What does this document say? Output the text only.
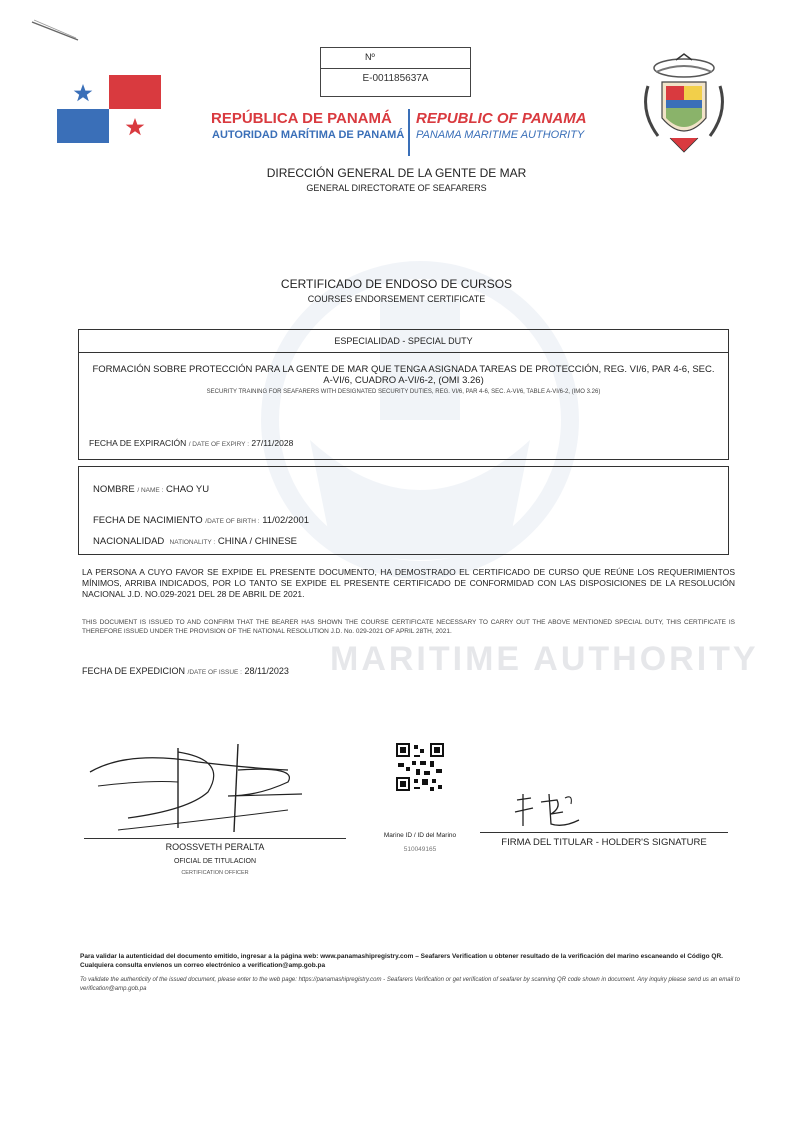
MARITIME AUTHORITY
Nº
E-001185637A
REPÚBLICA DE PANAMÁ
AUTORIDAD MARÍTIMA DE PANAMÁ
REPUBLIC OF PANAMA
PANAMA MARITIME AUTHORITY
DIRECCIÓN GENERAL DE LA GENTE DE MAR
GENERAL DIRECTORATE OF SEAFARERS
CERTIFICADO DE ENDOSO DE CURSOS
COURSES ENDORSEMENT CERTIFICATE
ESPECIALIDAD - SPECIAL DUTY
FORMACIÓN SOBRE PROTECCIÓN PARA LA GENTE DE MAR QUE TENGA ASIGNADA TAREAS DE PROTECCIÓN, REG. VI/6, PAR 4-6, SEC. A-VI/6, CUADRO A-VI/6-2, (OMI 3.26)
SECURITY TRAINING FOR SEAFARERS WITH DESIGNATED SECURITY DUTIES, REG. VI/6, PAR 4-6, SEC. A-VI/6, TABLE A-VI/6-2, (IMO 3.26)
FECHA DE EXPIRACIÓN / DATE OF EXPIRY : 27/11/2028
NOMBRE / NAME : CHAO YU
FECHA DE NACIMIENTO /DATE OF BIRTH : 11/02/2001
NACIONALIDAD NATIONALITY : CHINA / CHINESE
LA PERSONA A CUYO FAVOR SE EXPIDE EL PRESENTE DOCUMENTO, HA DEMOSTRADO EL CERTIFICADO DE CURSO QUE REÚNE LOS REQUERIMIENTOS MÍNIMOS, ARRIBA INDICADOS, POR LO TANTO SE EXPIDE EL PRESENTE CERTIFICADO DE CONFORMIDAD CON LAS DISPOSICIONES DE LA RESOLUCIÓN NACIONAL J.D. NO.029-2021 DEL 28 DE ABRIL DE 2021.
THIS DOCUMENT IS ISSUED TO AND CONFIRM THAT THE BEARER HAS SHOWN THE COURSE CERTIFICATE NECESSARY TO CARRY OUT THE ABOVE MENTIONED SPECIAL DUTY, THIS CERTIFICATE IS THEREFORE ISSUED UNDER THE PROVISION OF THE NATIONAL RESOLUTION J.D. No. 029-2021 OF APRIL 28TH, 2021.
FECHA DE EXPEDICION /DATE OF ISSUE : 28/11/2023
ROOSSVETH PERALTA
OFICIAL DE TITULACION
CERTIFICATION OFFICER
Marine ID / ID del Marino
510049165
FIRMA DEL TITULAR - HOLDER'S SIGNATURE
Para validar la autenticidad del documento emitido, ingresar a la página web: www.panamashipregistry.com – Seafarers Verification u obtener resultado de la verificación del marino escaneando el Código QR. Cualquiera consulta envíenos un correo electrónico a verification@amp.gob.pa
To validate the authenticity of the issued document, please enter to the web page: https://panamashipregistry.com - Seafarers Verification or get verification of seafarer by scanning QR code shown in document. Any inquiry please send us an email to verification@amp.gob.pa
